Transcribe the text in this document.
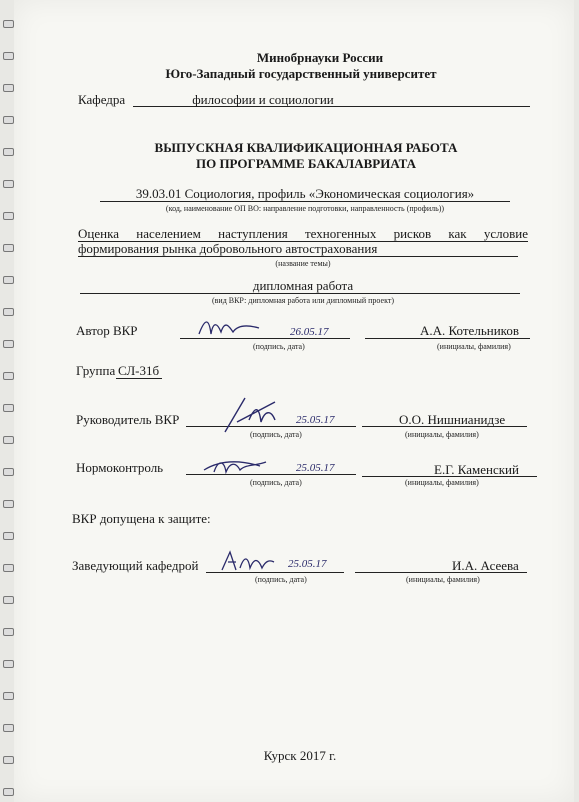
Минобрнауки России
Юго-Западный государственный университет
Кафедра	философии и социологии
ВЫПУСКНАЯ КВАЛИФИКАЦИОННАЯ РАБОТА
ПО ПРОГРАММЕ БАКАЛАВРИАТА
39.03.01 Социология, профиль «Экономическая социология»
(код, наименование ОП ВО: направление подготовки, направленность (профиль))
Оценка населением наступления техногенных рисков как условие
формирования рынка добровольного автострахования
(название темы)
дипломная работа
(вид ВКР: дипломная работа или дипломный проект)
Автор ВКР	26.05.17	А.А. Котельников
(подпись, дата)	(инициалы, фамилия)
Группа СЛ-31б
Руководитель ВКР	25.05.17	О.О. Нишнианидзе
(подпись, дата)	(инициалы, фамилия)
Нормоконтроль	25.05.17	Е.Г. Каменский
(подпись, дата)	(инициалы, фамилия)
ВКР допущена к защите:
Заведующий кафедрой	25.05.17	И.А. Асеева
(подпись, дата)	(инициалы, фамилия)
Курск 2017 г.
